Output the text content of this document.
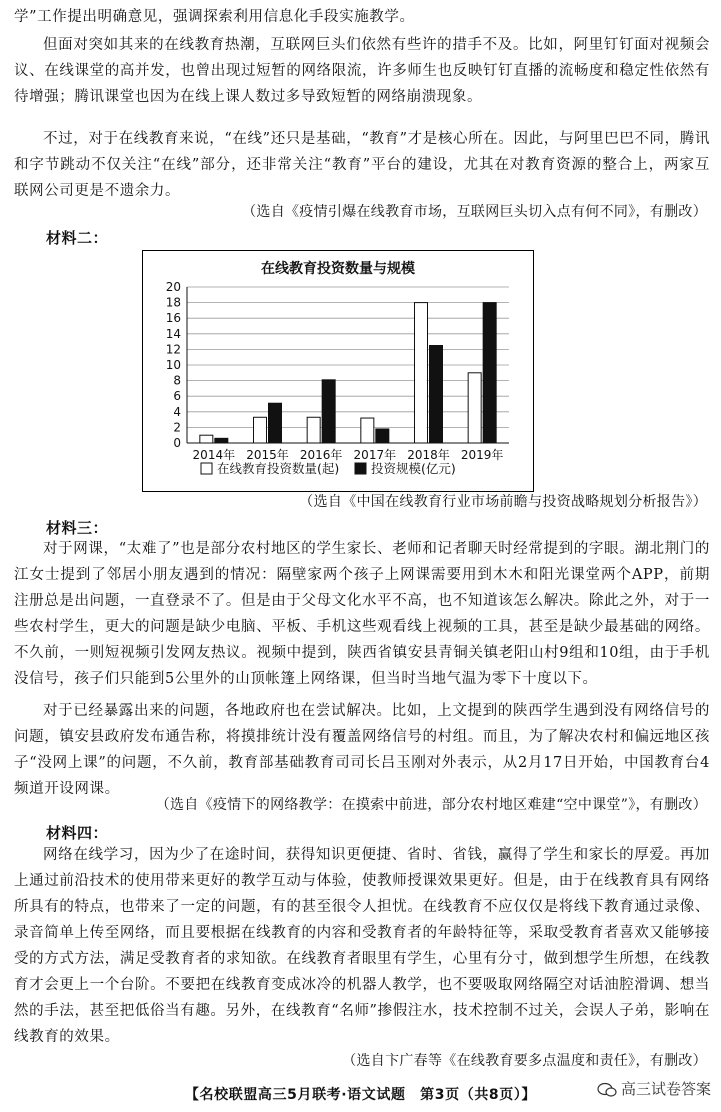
学”工作提出明确意见，强调探索利用信息化手段实施教学。

但面对突如其来的在线教育热潮，互联网巨头们依然有些许的措手不及。比如，阿里钉钉面对视频会议、在线课堂的高并发，也曾出现过短暂的网络限流，许多师生也反映钉钉直播的流畅度和稳定性依然有待增强；腾讯课堂也因为在线上课人数过多导致短暂的网络崩溃现象。

不过，对于在线教育来说，“在线”还只是基础，“教育”才是核心所在。因此，与阿里巴巴不同，腾讯和字节跳动不仅关注“在线”部分，还非常关注“教育”平台的建设，尤其在对教育资源的整合上，两家互联网公司更是不遗余力。

（选自《疫情引爆在线教育市场，互联网巨头切入点有何不同》，有删改）
材料二：
在线教育投资数量与规模
0
2
4
6
8
10
12
14
16
18
20
2014年 2015年 2016年 2017年 2018年 2019年
在线教育投资数量(起)	投资规模(亿元)
（选自《中国在线教育行业市场前瞻与投资战略规划分析报告》）
材料三：

对于网课，“太难了”也是部分农村地区的学生家长、老师和记者聊天时经常提到的字眼。湖北荆门的江女士提到了邻居小朋友遇到的情况：隔壁家两个孩子上网课需要用到木木和阳光课堂两个APP，前期注册总是出问题，一直登录不了。但是由于父母文化水平不高，也不知道该怎么解决。除此之外，对于一些农村学生，更大的问题是缺少电脑、平板、手机这些观看线上视频的工具，甚至是缺少最基础的网络。不久前，一则短视频引发网友热议。视频中提到，陕西省镇安县青铜关镇老阳山村9组和10组，由于手机没信号，孩子们只能到5公里外的山顶帐篷上网络课，但当时当地气温为零下十度以下。

对于已经暴露出来的问题，各地政府也在尝试解决。比如，上文提到的陕西学生遇到没有网络信号的问题，镇安县政府发布通告称，将摸排统计没有覆盖网络信号的村组。而且，为了解决农村和偏远地区孩子“没网上课”的问题，不久前，教育部基础教育司司长吕玉刚对外表示，从2月17日开始，中国教育台4频道开设网课。

（选自《疫情下的网络教学：在摸索中前进，部分农村地区难建“空中课堂”》，有删改）
材料四：

网络在线学习，因为少了在途时间，获得知识更便捷、省时、省钱，赢得了学生和家长的厚爱。再加上通过前沿技术的使用带来更好的教学互动与体验，使教师授课效果更好。但是，由于在线教育具有网络所具有的特点，也带来了一定的问题，有的甚至很令人担忧。在线教育不应仅仅是将线下教育通过录像、录音简单上传至网络，而且要根据在线教育的内容和受教育者的年龄特征等，采取受教育者喜欢又能够接受的方式方法，满足受教育者的求知欲。在线教育者眼里有学生，心里有分寸，做到想学生所想，在线教育才会更上一个台阶。不要把在线教育变成冰冷的机器人教学，也不要吸取网络隔空对话油腔滑调、想当然的手法，甚至把低俗当有趣。另外，在线教育“名师”掺假注水，技术控制不过关，会误人子弟，影响在线教育的效果。

（选自卞广春等《在线教育要多点温度和责任》，有删改）
【名校联盟高三5月联考·语文试题　第3页（共8页）】	高三试卷答案
